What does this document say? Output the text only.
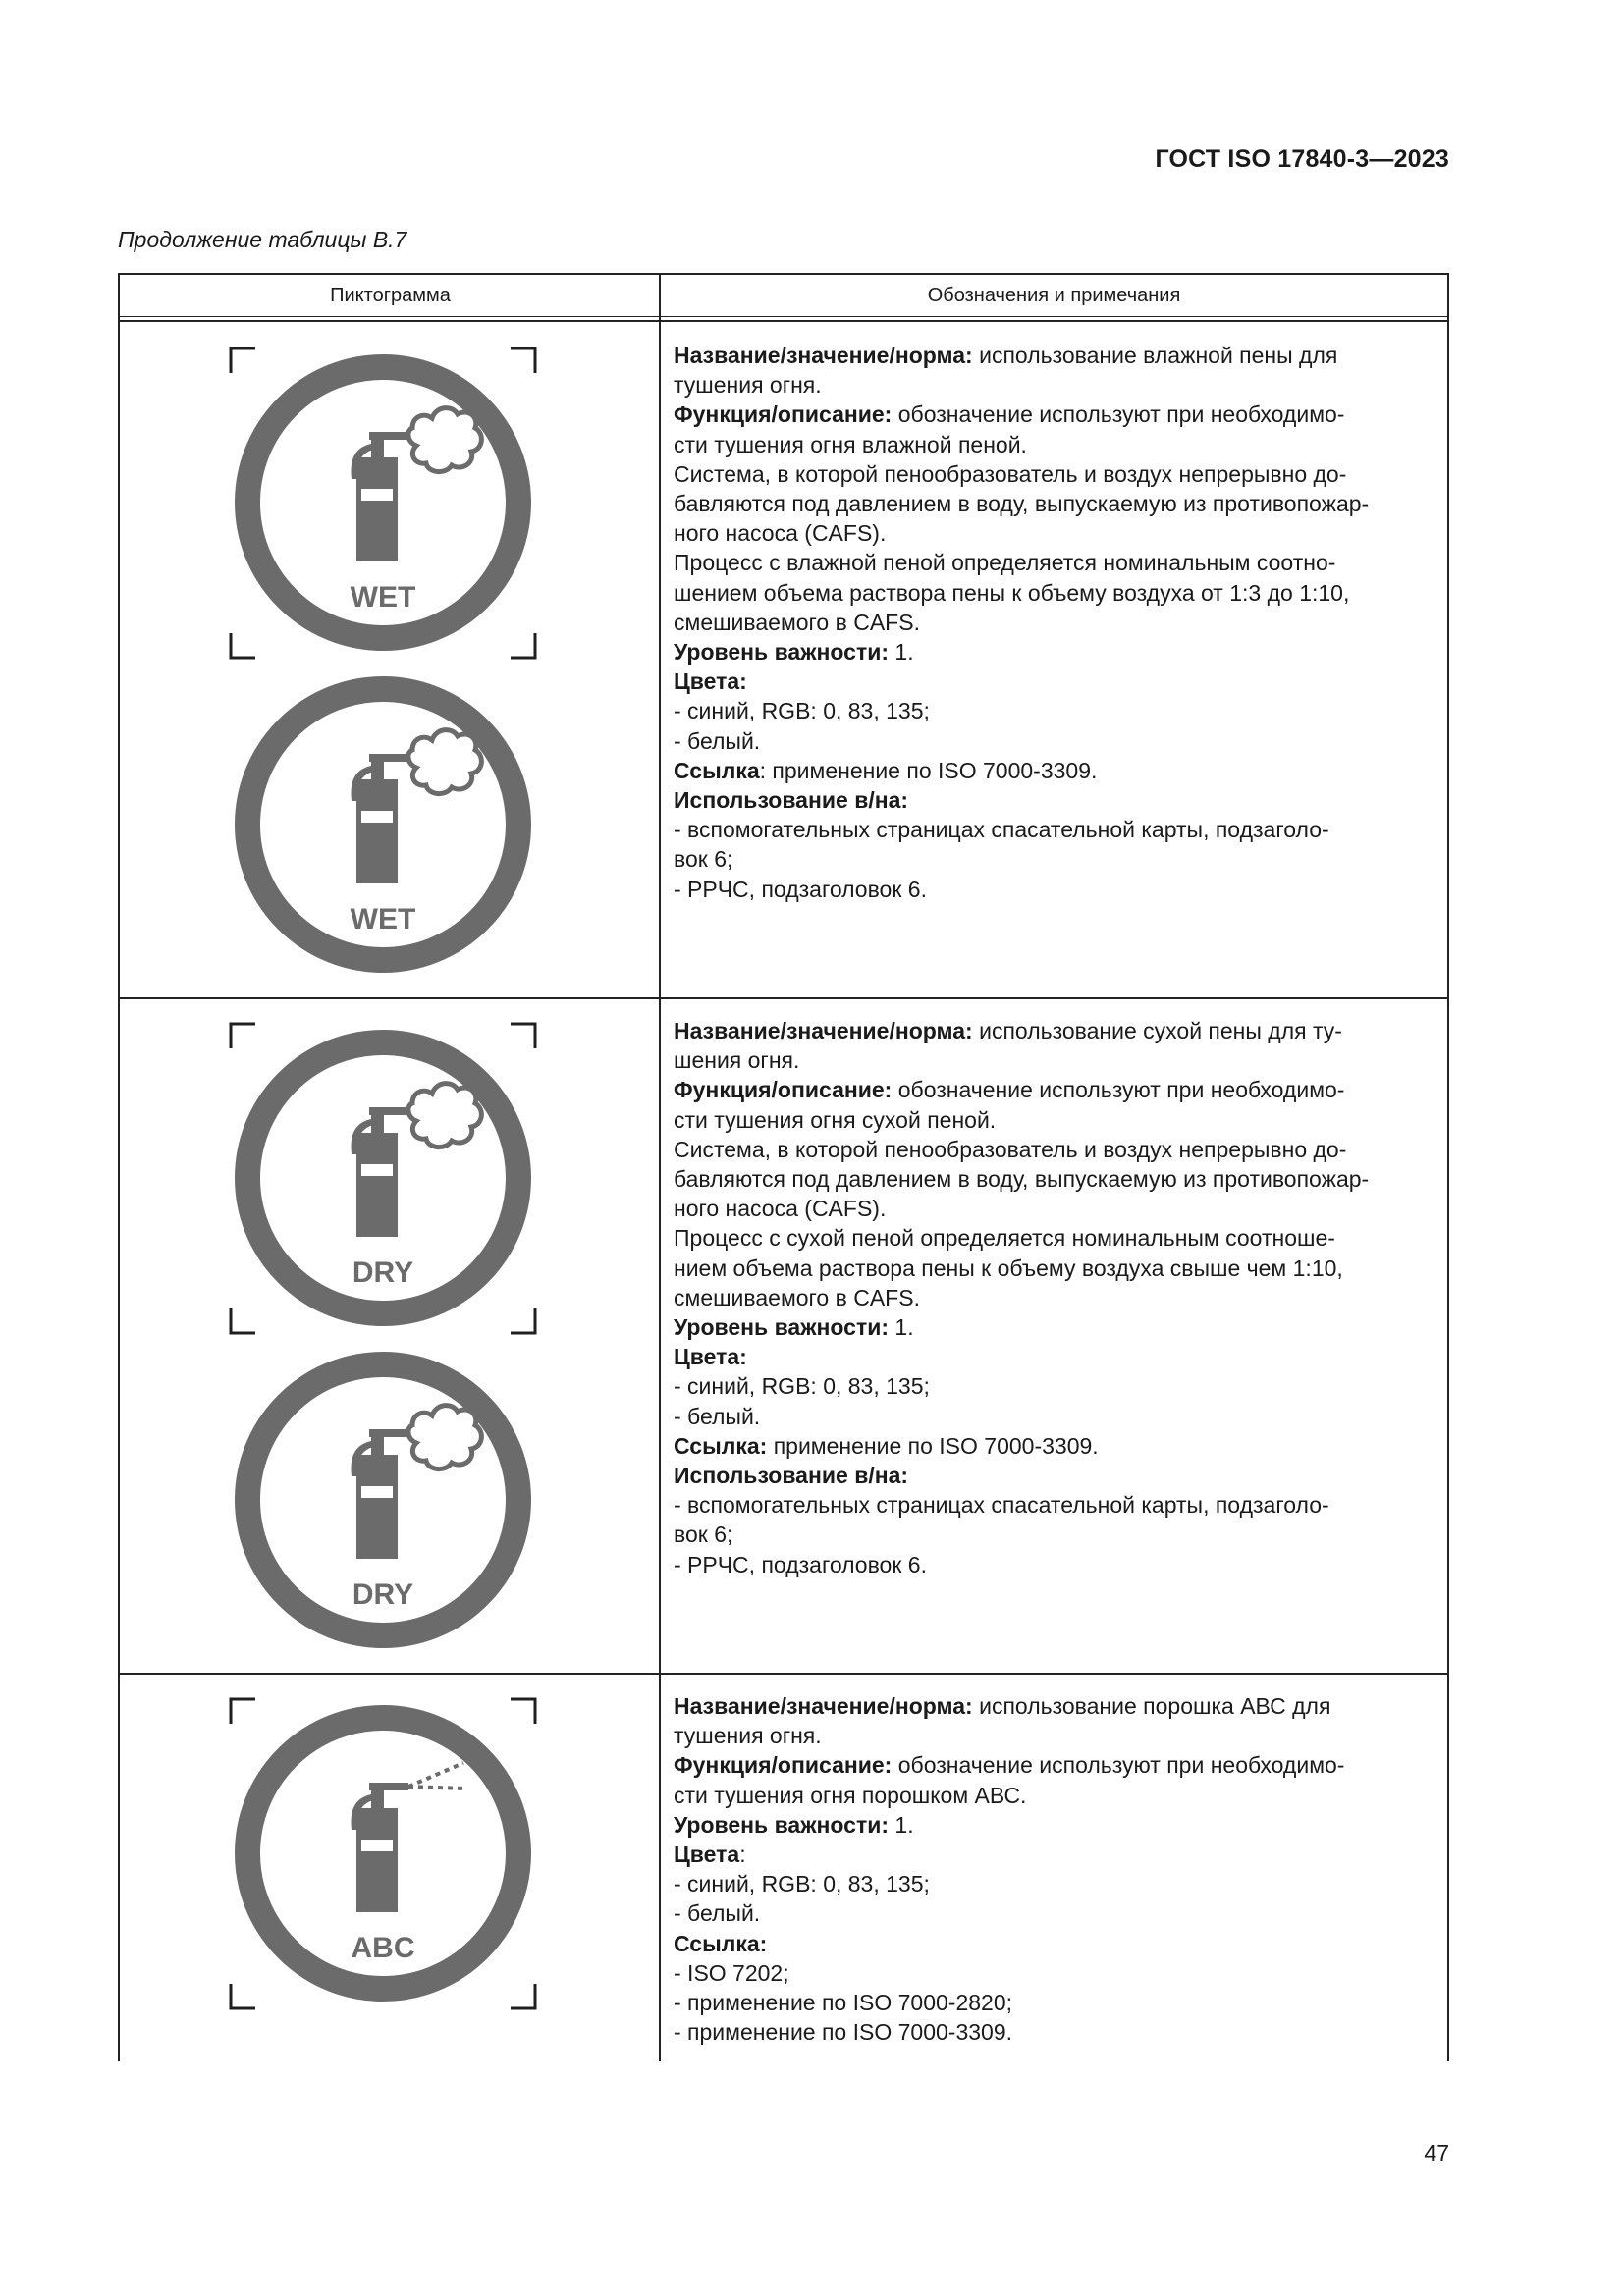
ГОСТ ISO 17840-3—2023
Продолжение таблицы В.7
Пиктограмма	Обозначения и примечания
WET
WET
DRY
DRY
ABC
Название/значение/норма: использование влажной пены для
тушения огня.
Функция/описание: обозначение используют при необходимо-
сти тушения огня влажной пеной.
Система, в которой пенообразователь и воздух непрерывно до-
бавляются под давлением в воду, выпускаемую из противопожар-
ного насоса (CAFS).
Процесс с влажной пеной определяется номинальным соотно-
шением объема раствора пены к объему воздуха от 1:3 до 1:10,
смешиваемого в CAFS.
Уровень важности: 1.
Цвета:
- синий, RGB: 0, 83, 135;
- белый.
Ссылка: применение по ISO 7000-3309.
Использование в/на:
- вспомогательных страницах спасательной карты, подзаголо-
вок 6;
- РРЧС, подзаголовок 6.
Название/значение/норма: использование сухой пены для ту-
шения огня.
Функция/описание: обозначение используют при необходимо-
сти тушения огня сухой пеной.
Система, в которой пенообразователь и воздух непрерывно до-
бавляются под давлением в воду, выпускаемую из противопожар-
ного насоса (CAFS).
Процесс с сухой пеной определяется номинальным соотноше-
нием объема раствора пены к объему воздуха свыше чем 1:10,
смешиваемого в CAFS.
Уровень важности: 1.
Цвета:
- синий, RGB: 0, 83, 135;
- белый.
Ссылка: применение по ISO 7000-3309.
Использование в/на:
- вспомогательных страницах спасательной карты, подзаголо-
вок 6;
- РРЧС, подзаголовок 6.
Название/значение/норма: использование порошка АВС для
тушения огня.
Функция/описание: обозначение используют при необходимо-
сти тушения огня порошком АВС.
Уровень важности: 1.
Цвета:
- синий, RGB: 0, 83, 135;
- белый.
Ссылка:
- ISO 7202;
- применение по ISO 7000-2820;
- применение по ISO 7000-3309.
47
